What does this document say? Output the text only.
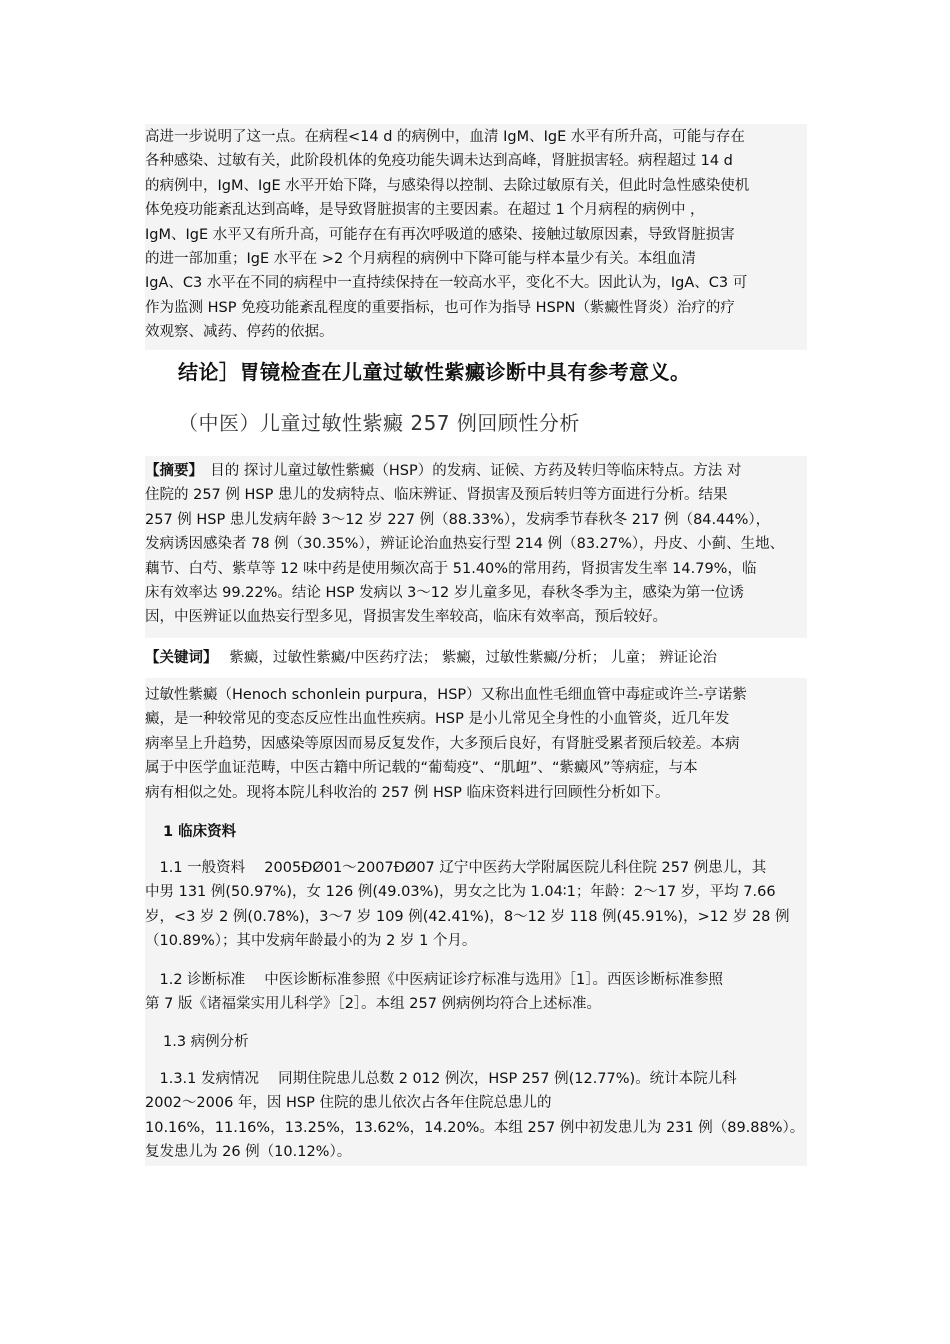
高进一步说明了这一点。在病程<14 d 的病例中，血清 IgM、IgE 水平有所升高，可能与存在
各种感染、过敏有关，此阶段机体的免疫功能失调未达到高峰，肾脏损害轻。病程超过 14 d
的病例中，IgM、IgE 水平开始下降，与感染得以控制、去除过敏原有关，但此时急性感染使机
体免疫功能紊乱达到高峰，是导致肾脏损害的主要因素。在超过 1 个月病程的病例中 ，
IgM、IgE 水平又有所升高，可能存在有再次呼吸道的感染、接触过敏原因素，导致肾脏损害
的进一部加重；IgE 水平在 >2 个月病程的病例中下降可能与样本量少有关。本组血清
IgA、C3 水平在不同的病程中一直持续保持在一较高水平，变化不大。因此认为，IgA、C3 可
作为监测 HSP 免疫功能紊乱程度的重要指标，也可作为指导 HSPN（紫癜性肾炎）治疗的疗
效观察、减药、停药的依据。
结论］胃镜检查在儿童过敏性紫癜诊断中具有参考意义。
（中医）儿童过敏性紫癜 257 例回顾性分析
【摘要】　目的 探讨儿童过敏性紫癜（HSP）的发病、证候、方药及转归等临床特点。方法 对
住院的 257 例 HSP 患儿的发病特点、临床辨证、肾损害及预后转归等方面进行分析。结果
257 例 HSP 患儿发病年龄 3～12 岁 227 例（88.33%），发病季节春秋冬 217 例（84.44%），
发病诱因感染者 78 例（30.35%），辨证论治血热妄行型 214 例（83.27%），丹皮、小蓟、生地、
藕节、白芍、紫草等 12 味中药是使用频次高于 51.40%的常用药，肾损害发生率 14.79%，临
床有效率达 99.22%。结论 HSP 发病以 3～12 岁儿童多见，春秋冬季为主，感染为第一位诱
因，中医辨证以血热妄行型多见，肾损害发生率较高，临床有效率高，预后较好。
【关键词】　 紫癜，过敏性紫癜/中医药疗法； 紫癜，过敏性紫癜/分析； 儿童； 辨证论治
过敏性紫癜（Henoch schonlein purpura，HSP）又称出血性毛细血管中毒症或许兰-亨诺紫
癜，是一种较常见的变态反应性出血性疾病。HSP 是小儿常见全身性的小血管炎，近几年发
病率呈上升趋势，因感染等原因而易反复发作，大多预后良好，有肾脏受累者预后较差。本病
属于中医学血证范畴，中医古籍中所记载的“葡萄疫”、“肌衄”、“紫癜风”等病症，与本
病有相似之处。现将本院儿科收治的 257 例 HSP 临床资料进行回顾性分析如下。
1 临床资料
　1.1 一般资料　 2005ÐØ01～2007ÐØ07 辽宁中医药大学附属医院儿科住院 257 例患儿，其
中男 131 例(50.97%)，女 126 例(49.03%)，男女之比为 1.04∶1；年龄：2～17 岁，平均 7.66
岁，<3 岁 2 例(0.78%)，3～7 岁 109 例(42.41%)，8～12 岁 118 例(45.91%)，>12 岁 28 例
（10.89%）；其中发病年龄最小的为 2 岁 1 个月。
　1.2 诊断标准　 中医诊断标准参照《中医病证诊疗标准与选用》［1］。西医诊断标准参照
第 7 版《诸福棠实用儿科学》［2］。本组 257 例病例均符合上述标准。
1.3 病例分析
　1.3.1 发病情况　 同期住院患儿总数 2 012 例次，HSP 257 例(12.77%)。统计本院儿科
2002～2006 年，因 HSP 住院的患儿依次占各年住院总患儿的
10.16%，11.16%，13.25%，13.62%，14.20%。本组 257 例中初发患儿为 231 例（89.88%）。
复发患儿为 26 例（10.12%）。
